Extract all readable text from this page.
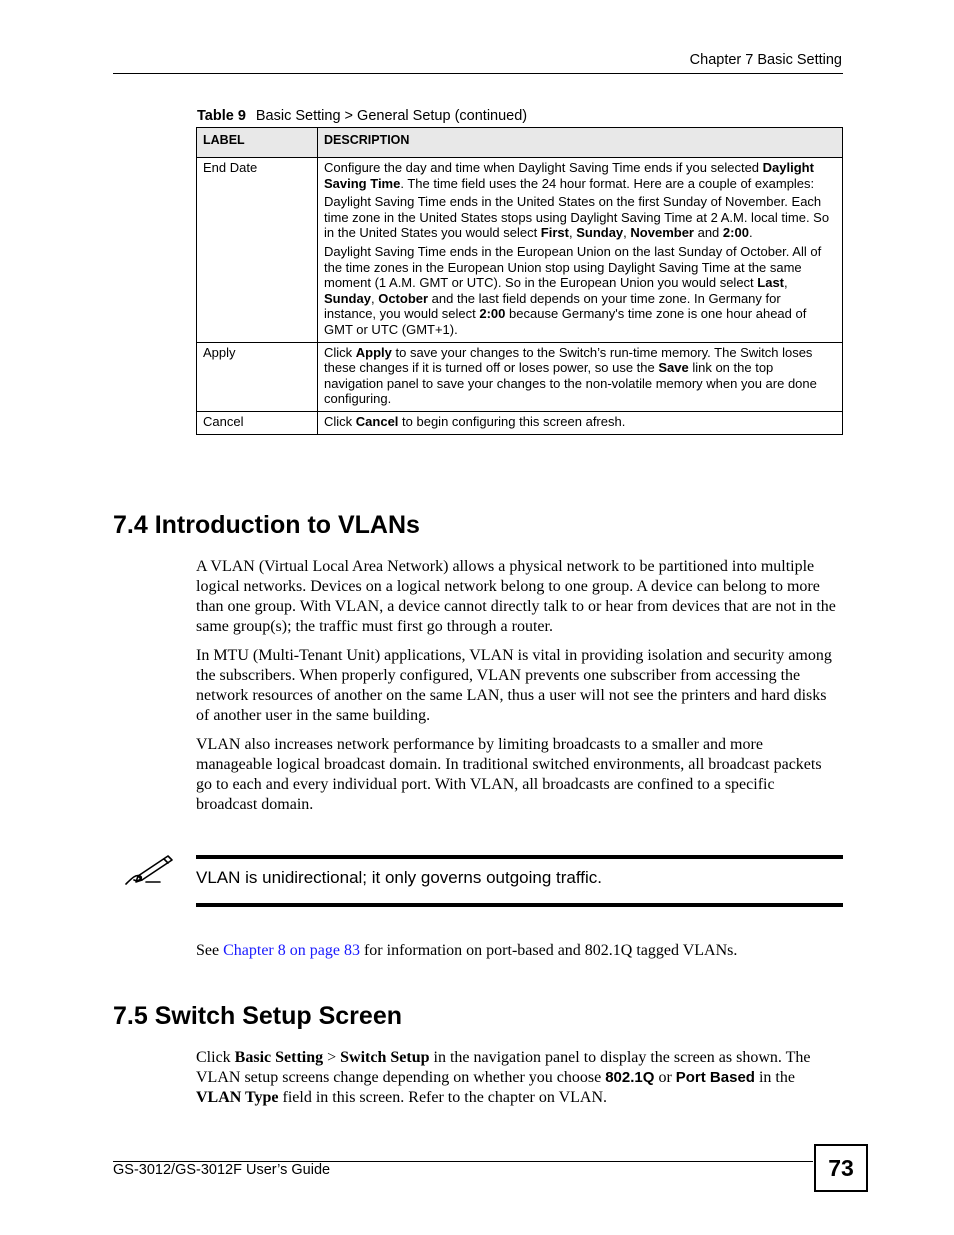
Chapter 7 Basic Setting
Table 9 Basic Setting > General Setup (continued)
LABEL	DESCRIPTION
End Date	Configure the day and time when Daylight Saving Time ends if you selected Daylight Saving Time. The time field uses the 24 hour format. Here are a couple of examples:

Daylight Saving Time ends in the United States on the first Sunday of November. Each time zone in the United States stops using Daylight Saving Time at 2 A.M. local time. So in the United States you would select First, Sunday, November and 2:00.

Daylight Saving Time ends in the European Union on the last Sunday of October. All of the time zones in the European Union stop using Daylight Saving Time at the same moment (1 A.M. GMT or UTC). So in the European Union you would select Last, Sunday, October and the last field depends on your time zone. In Germany for instance, you would select 2:00 because Germany's time zone is one hour ahead of GMT or UTC (GMT+1).

Apply	Click Apply to save your changes to the Switch’s run-time memory. The Switch loses these changes if it is turned off or loses power, so use the Save link on the top navigation panel to save your changes to the non-volatile memory when you are done configuring.
Cancel	Click Cancel to begin configuring this screen afresh.
7.4 Introduction to VLANs

A VLAN (Virtual Local Area Network) allows a physical network to be partitioned into multiple logical networks. Devices on a logical network belong to one group. A device can belong to more than one group. With VLAN, a device cannot directly talk to or hear from devices that are not in the same group(s); the traffic must first go through a router.

In MTU (Multi-Tenant Unit) applications, VLAN is vital in providing isolation and security among the subscribers. When properly configured, VLAN prevents one subscriber from accessing the network resources of another on the same LAN, thus a user will not see the printers and hard disks of another user in the same building.

VLAN also increases network performance by limiting broadcasts to a smaller and more manageable logical broadcast domain. In traditional switched environments, all broadcast packets go to each and every individual port. With VLAN, all broadcasts are confined to a specific broadcast domain.

VLAN is unidirectional; it only governs outgoing traffic.

See Chapter 8 on page 83 for information on port-based and 802.1Q tagged VLANs.

7.5 Switch Setup Screen

Click Basic Setting > Switch Setup in the navigation panel to display the screen as shown. The VLAN setup screens change depending on whether you choose 802.1Q or Port Based in the VLAN Type field in this screen. Refer to the chapter on VLAN.

GS-3012/GS-3012F User’s Guide	73
